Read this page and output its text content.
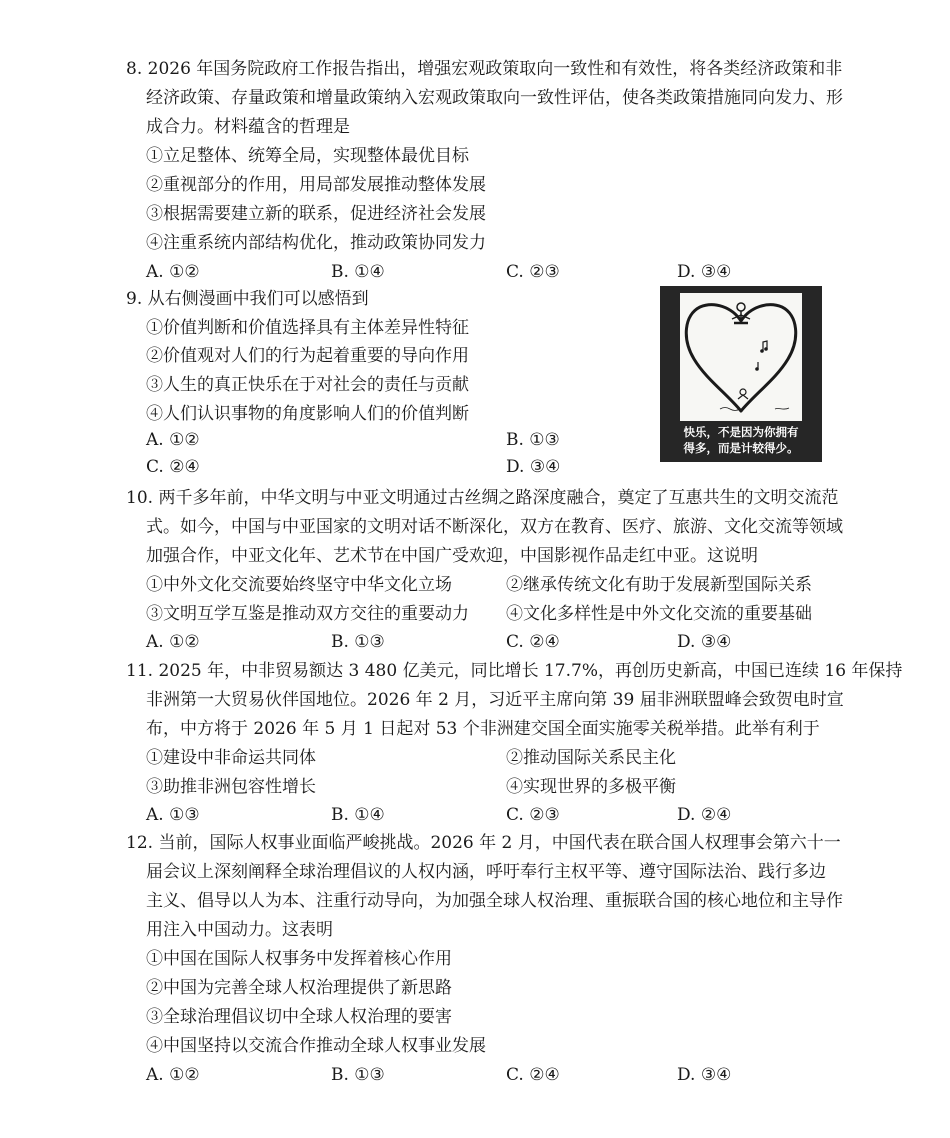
8. 2026 年国务院政府工作报告指出，增强宏观政策取向一致性和有效性，将各类经济政策和非
经济政策、存量政策和增量政策纳入宏观政策取向一致性评估，使各类政策措施同向发力、形
成合力。材料蕴含的哲理是
①立足整体、统筹全局，实现整体最优目标
②重视部分的作用，用局部发展推动整体发展
③根据需要建立新的联系，促进经济社会发展
④注重系统内部结构优化，推动政策协同发力
A. ①②	B. ①④	C. ②③	D. ③④
9. 从右侧漫画中我们可以感悟到
①价值判断和价值选择具有主体差异性特征
②价值观对人们的行为起着重要的导向作用
③人生的真正快乐在于对社会的责任与贡献
④人们认识事物的角度影响人们的价值判断
A. ①②	B. ①③
C. ②④	D. ③④
快乐，不是因为你拥有
得多，而是计较得少。
10. 两千多年前，中华文明与中亚文明通过古丝绸之路深度融合，奠定了互惠共生的文明交流范
式。如今，中国与中亚国家的文明对话不断深化，双方在教育、医疗、旅游、文化交流等领域
加强合作，中亚文化年、艺术节在中国广受欢迎，中国影视作品走红中亚。这说明
①中外文化交流要始终坚守中华文化立场	②继承传统文化有助于发展新型国际关系
③文明互学互鉴是推动双方交往的重要动力 ④文化多样性是中外文化交流的重要基础
A. ①②	B. ①③	C. ②④	D. ③④
11. 2025 年，中非贸易额达 3 480 亿美元，同比增长 17.7%，再创历史新高，中国已连续 16 年保持
非洲第一大贸易伙伴国地位。2026 年 2 月，习近平主席向第 39 届非洲联盟峰会致贺电时宣
布，中方将于 2026 年 5 月 1 日起对 53 个非洲建交国全面实施零关税举措。此举有利于
①建设中非命运共同体	②推动国际关系民主化
③助推非洲包容性增长	④实现世界的多极平衡
A. ①③	B. ①④	C. ②③	D. ②④
12. 当前，国际人权事业面临严峻挑战。2026 年 2 月，中国代表在联合国人权理事会第六十一
届会议上深刻阐释全球治理倡议的人权内涵，呼吁奉行主权平等、遵守国际法治、践行多边
主义、倡导以人为本、注重行动导向，为加强全球人权治理、重振联合国的核心地位和主导作
用注入中国动力。这表明
①中国在国际人权事务中发挥着核心作用
②中国为完善全球人权治理提供了新思路
③全球治理倡议切中全球人权治理的要害
④中国坚持以交流合作推动全球人权事业发展
A. ①②	B. ①③	C. ②④	D. ③④
